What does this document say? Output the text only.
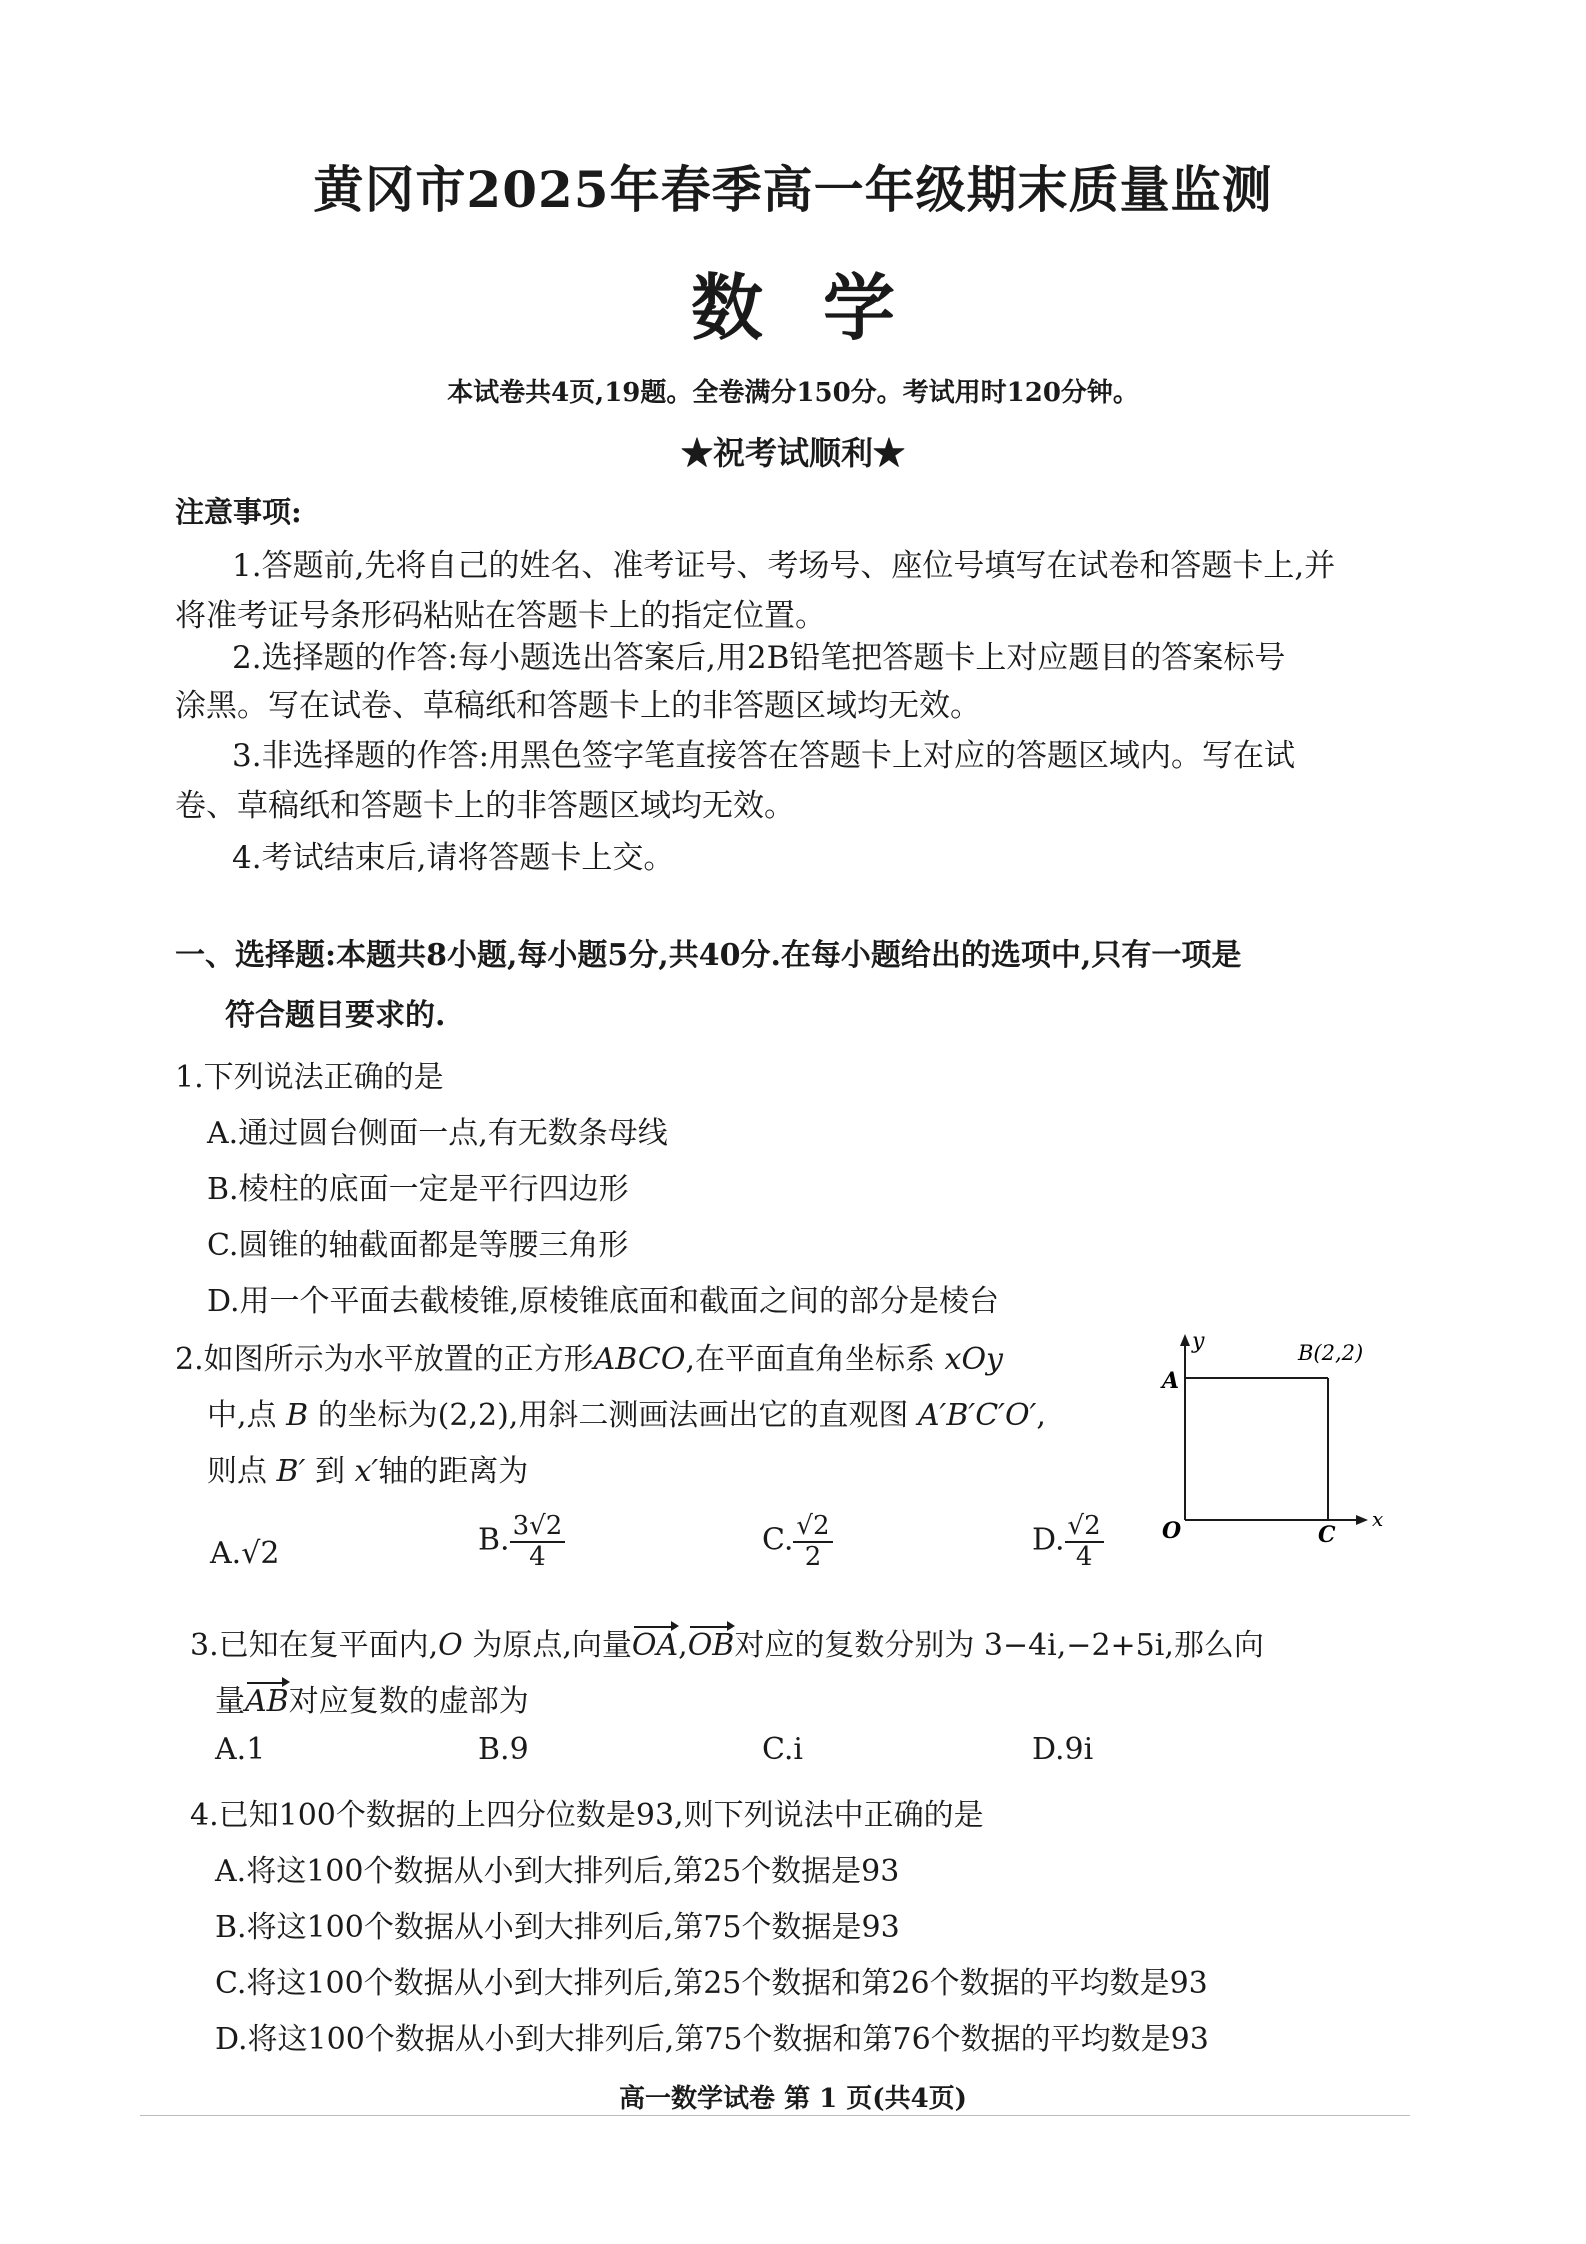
黄冈市2025年春季高一年级期末质量监测
数学
本试卷共4页,19题。全卷满分150分。考试用时120分钟。
★祝考试顺利★
注意事项:
1.答题前,先将自己的姓名、准考证号、考场号、座位号填写在试卷和答题卡上,并
将准考证号条形码粘贴在答题卡上的指定位置。
2.选择题的作答:每小题选出答案后,用2B铅笔把答题卡上对应题目的答案标号
涂黑。写在试卷、草稿纸和答题卡上的非答题区域均无效。
3.非选择题的作答:用黑色签字笔直接答在答题卡上对应的答题区域内。写在试
卷、草稿纸和答题卡上的非答题区域均无效。
4.考试结束后,请将答题卡上交。
一、选择题:本题共8小题,每小题5分,共40分.在每小题给出的选项中,只有一项是
符合题目要求的.
1.下列说法正确的是
A.通过圆台侧面一点,有无数条母线
B.棱柱的底面一定是平行四边形
C.圆锥的轴截面都是等腰三角形
D.用一个平面去截棱锥,原棱锥底面和截面之间的部分是棱台
2.如图所示为水平放置的正方形ABCO,在平面直角坐标系 xOy
中,点 B 的坐标为(2,2),用斜二测画法画出它的直观图 A′B′C′O′,
则点 B′ 到 x′轴的距离为
A.√2	B. $\frac{3√2}{4}$	C. $\frac{√2}{2}$	D. $\frac{√2}{4}$
y
x
A
B(2,2)
C
O
3.已知在复平面内,O 为原点,向量OA,OB对应的复数分别为 3−4i,−2+5i,那么向
量AB对应复数的虚部为
A.1	B.9	C.i	D.9i
4.已知100个数据的上四分位数是93,则下列说法中正确的是
A.将这100个数据从小到大排列后,第25个数据是93
B.将这100个数据从小到大排列后,第75个数据是93
C.将这100个数据从小到大排列后,第25个数据和第26个数据的平均数是93
D.将这100个数据从小到大排列后,第75个数据和第76个数据的平均数是93
高一数学试卷 第 1 页(共4页)
